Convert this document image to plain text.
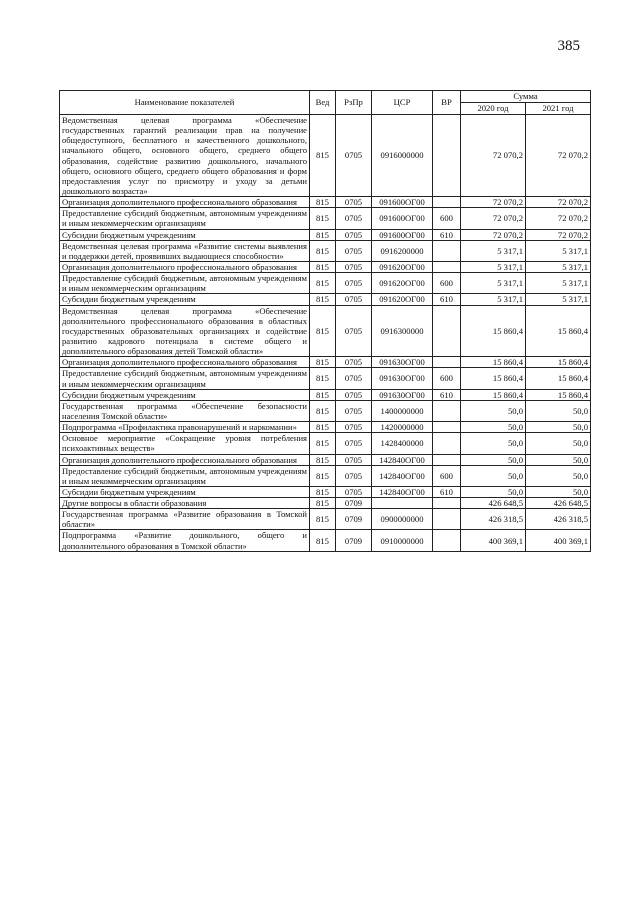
385
Наименование показателей	Вед	РзПр	ЦСР	ВР	Сумма	
					2020 год	2021 год
Ведомственная целевая программа «Обеспечение государственных гарантий реализации прав на получение общедоступного, бесплатного и качественного дошкольного, начального общего, основного общего, среднего общего образования, содействие развитию дошкольного, начального общего, основного общего, среднего общего образования и форм предоставления услуг по присмотру и уходу за детьми дошкольного возраста»	815	0705	0916000000		72 070,2	72 070,2
Организация дополнительного профессионального образования	815	0705	091600ОГ00		72 070,2	72 070,2
Предоставление субсидий бюджетным, автономным учреждениям и иным некоммерческим организациям	815	0705	091600ОГ00	600	72 070,2	72 070,2
Субсидии бюджетным учреждениям	815	0705	091600ОГ00	610	72 070,2	72 070,2
Ведомственная целевая программа «Развитие системы выявления и поддержки детей, проявивших выдающиеся способности»	815	0705	0916200000		5 317,1	5 317,1
Организация дополнительного профессионального образования	815	0705	091620ОГ00		5 317,1	5 317,1
Предоставление субсидий бюджетным, автономным учреждениям и иным некоммерческим организациям	815	0705	091620ОГ00	600	5 317,1	5 317,1
Субсидии бюджетным учреждениям	815	0705	091620ОГ00	610	5 317,1	5 317,1
Ведомственная целевая программа «Обеспечение дополнительного профессионального образования в областных государственных образовательных организациях и содействие развитию кадрового потенциала в системе общего и дополнительного образования детей Томской области»	815	0705	0916300000		15 860,4	15 860,4
Организация дополнительного профессионального образования	815	0705	091630ОГ00		15 860,4	15 860,4
Предоставление субсидий бюджетным, автономным учреждениям и иным некоммерческим организациям	815	0705	091630ОГ00	600	15 860,4	15 860,4
Субсидии бюджетным учреждениям	815	0705	091630ОГ00	610	15 860,4	15 860,4
Государственная программа «Обеспечение безопасности населения Томской области»	815	0705	1400000000		50,0	50,0
Подпрограмма «Профилактика правонарушений и наркомании»	815	0705	1420000000		50,0	50,0
Основное мероприятие «Сокращение уровня потребления психоактивных веществ»	815	0705	1428400000		50,0	50,0
Организация дополнительного профессионального образования	815	0705	142840ОГ00		50,0	50,0
Предоставление субсидий бюджетным, автономным учреждениям и иным некоммерческим организациям	815	0705	142840ОГ00	600	50,0	50,0
Субсидии бюджетным учреждениям	815	0705	142840ОГ00	610	50,0	50,0
Другие вопросы в области образования	815	0709			426 648,5	426 648,5
Государственная программа «Развитие образования в Томской области»	815	0709	0900000000		426 318,5	426 318,5
Подпрограмма «Развитие дошкольного, общего и дополнительного образования в Томской области»	815	0709	0910000000		400 369,1	400 369,1
